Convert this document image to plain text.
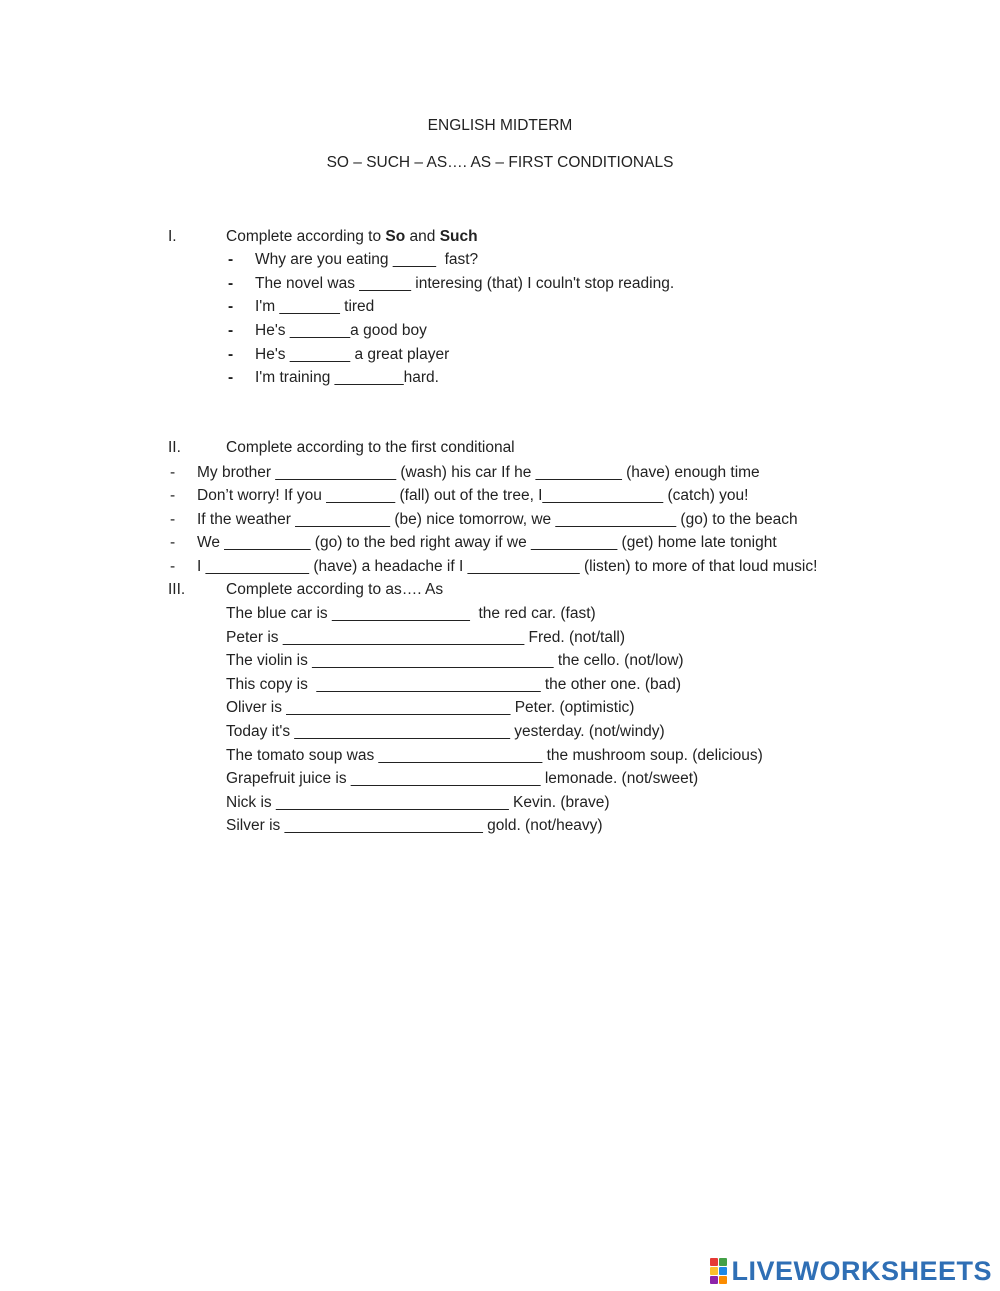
ENGLISH MIDTERM
SO – SUCH – AS…. AS – FIRST CONDITIONALS
I.	Complete according to So and Such
- Why are you eating _____  fast?
- The novel was ______ interesing (that) I couln't stop reading.
- I'm _______ tired
- He's _______a good boy
- He's _______ a great player
- I'm training ________hard.
II.	Complete according to the first conditional
- My brother ______________ (wash) his car If he __________ (have) enough time
- Don’t worry! If you ________ (fall) out of the tree, I______________ (catch) you!
- If the weather ___________ (be) nice tomorrow, we ______________ (go) to the beach
- We __________ (go) to the bed right away if we __________ (get) home late tonight
- I ____________ (have) a headache if I _____________ (listen) to more of that loud music!
III.	Complete according to as…. As
The blue car is ________________  the red car. (fast)
Peter is ____________________________ Fred. (not/tall)
The violin is ____________________________ the cello. (not/low)
This copy is  __________________________ the other one. (bad)
Oliver is __________________________ Peter. (optimistic)
Today it's _________________________ yesterday. (not/windy)
The tomato soup was ___________________ the mushroom soup. (delicious)
Grapefruit juice is ______________________ lemonade. (not/sweet)
Nick is ___________________________ Kevin. (brave)
Silver is _______________________ gold. (not/heavy)
LIVEWORKSHEETS
